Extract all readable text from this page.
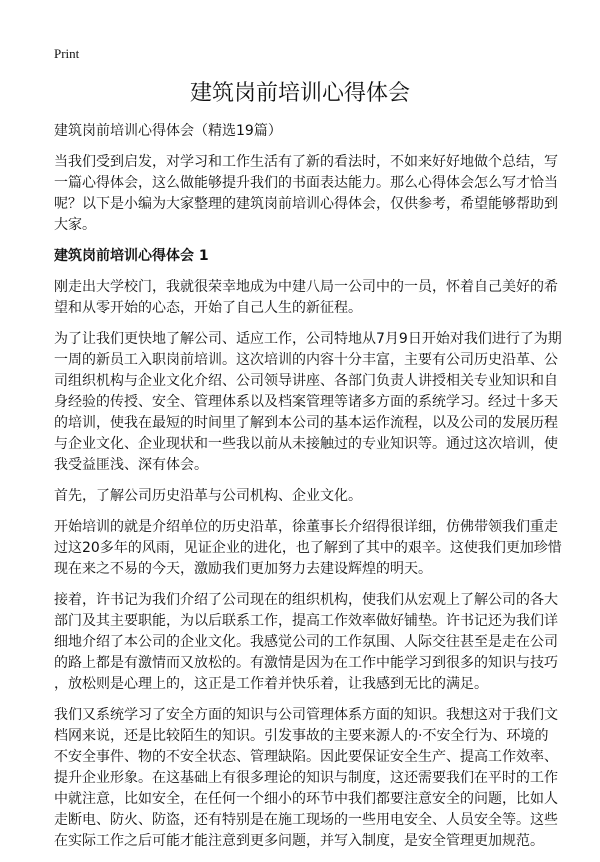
Print
建筑岗前培训心得体会

建筑岗前培训心得体会（精选19篇）

当我们受到启发，对学习和工作生活有了新的看法时，不如来好好地做个总结，写
一篇心得体会，这么做能够提升我们的书面表达能力。那么心得体会怎么写才恰当
呢？以下是小编为大家整理的建筑岗前培训心得体会，仅供参考，希望能够帮助到
大家。

建筑岗前培训心得体会 1

刚走出大学校门，我就很荣幸地成为中建八局一公司中的一员，怀着自己美好的希
望和从零开始的心态，开始了自己人生的新征程。

为了让我们更快地了解公司、适应工作，公司特地从7月9日开始对我们进行了为期
一周的新员工入职岗前培训。这次培训的内容十分丰富，主要有公司历史沿革、公
司组织机构与企业文化介绍、公司领导讲座、各部门负责人讲授相关专业知识和自
身经验的传授、安全、管理体系以及档案管理等诸多方面的系统学习。经过十多天
的培训，使我在最短的时间里了解到本公司的基本运作流程，以及公司的发展历程
与企业文化、企业现状和一些我以前从未接触过的专业知识等。通过这次培训，使
我受益匪浅、深有体会。

首先，了解公司历史沿革与公司机构、企业文化。

开始培训的就是介绍单位的历史沿革，徐董事长介绍得很详细，仿佛带领我们重走
过这20多年的风雨，见证企业的进化，也了解到了其中的艰辛。这使我们更加珍惜
现在来之不易的今天，激励我们更加努力去建设辉煌的明天。

接着，许书记为我们介绍了公司现在的组织机构，使我们从宏观上了解公司的各大
部门及其主要职能，为以后联系工作，提高工作效率做好铺垫。许书记还为我们详
细地介绍了本公司的企业文化。我感觉公司的工作氛围、人际交往甚至是走在公司
的路上都是有激情而又放松的。有激情是因为在工作中能学习到很多的知识与技巧
，放松则是心理上的，这正是工作着并快乐着，让我感到无比的满足。

我们又系统学习了安全方面的知识与公司管理体系方面的知识。我想这对于我们文
档网来说，还是比较陌生的知识。引发事故的主要来源人的·不安全行为、环境的
不安全事件、物的不安全状态、管理缺陷。因此要保证安全生产、提高工作效率、
提升企业形象。在这基础上有很多理论的知识与制度，这还需要我们在平时的工作
中就注意，比如安全，在任何一个细小的环节中我们都要注意安全的问题，比如人
走断电、防火、防盗，还有特别是在施工现场的一些用电安全、人员安全等。这些
在实际工作之后可能才能注意到更多问题，并写入制度，是安全管理更加规范。
